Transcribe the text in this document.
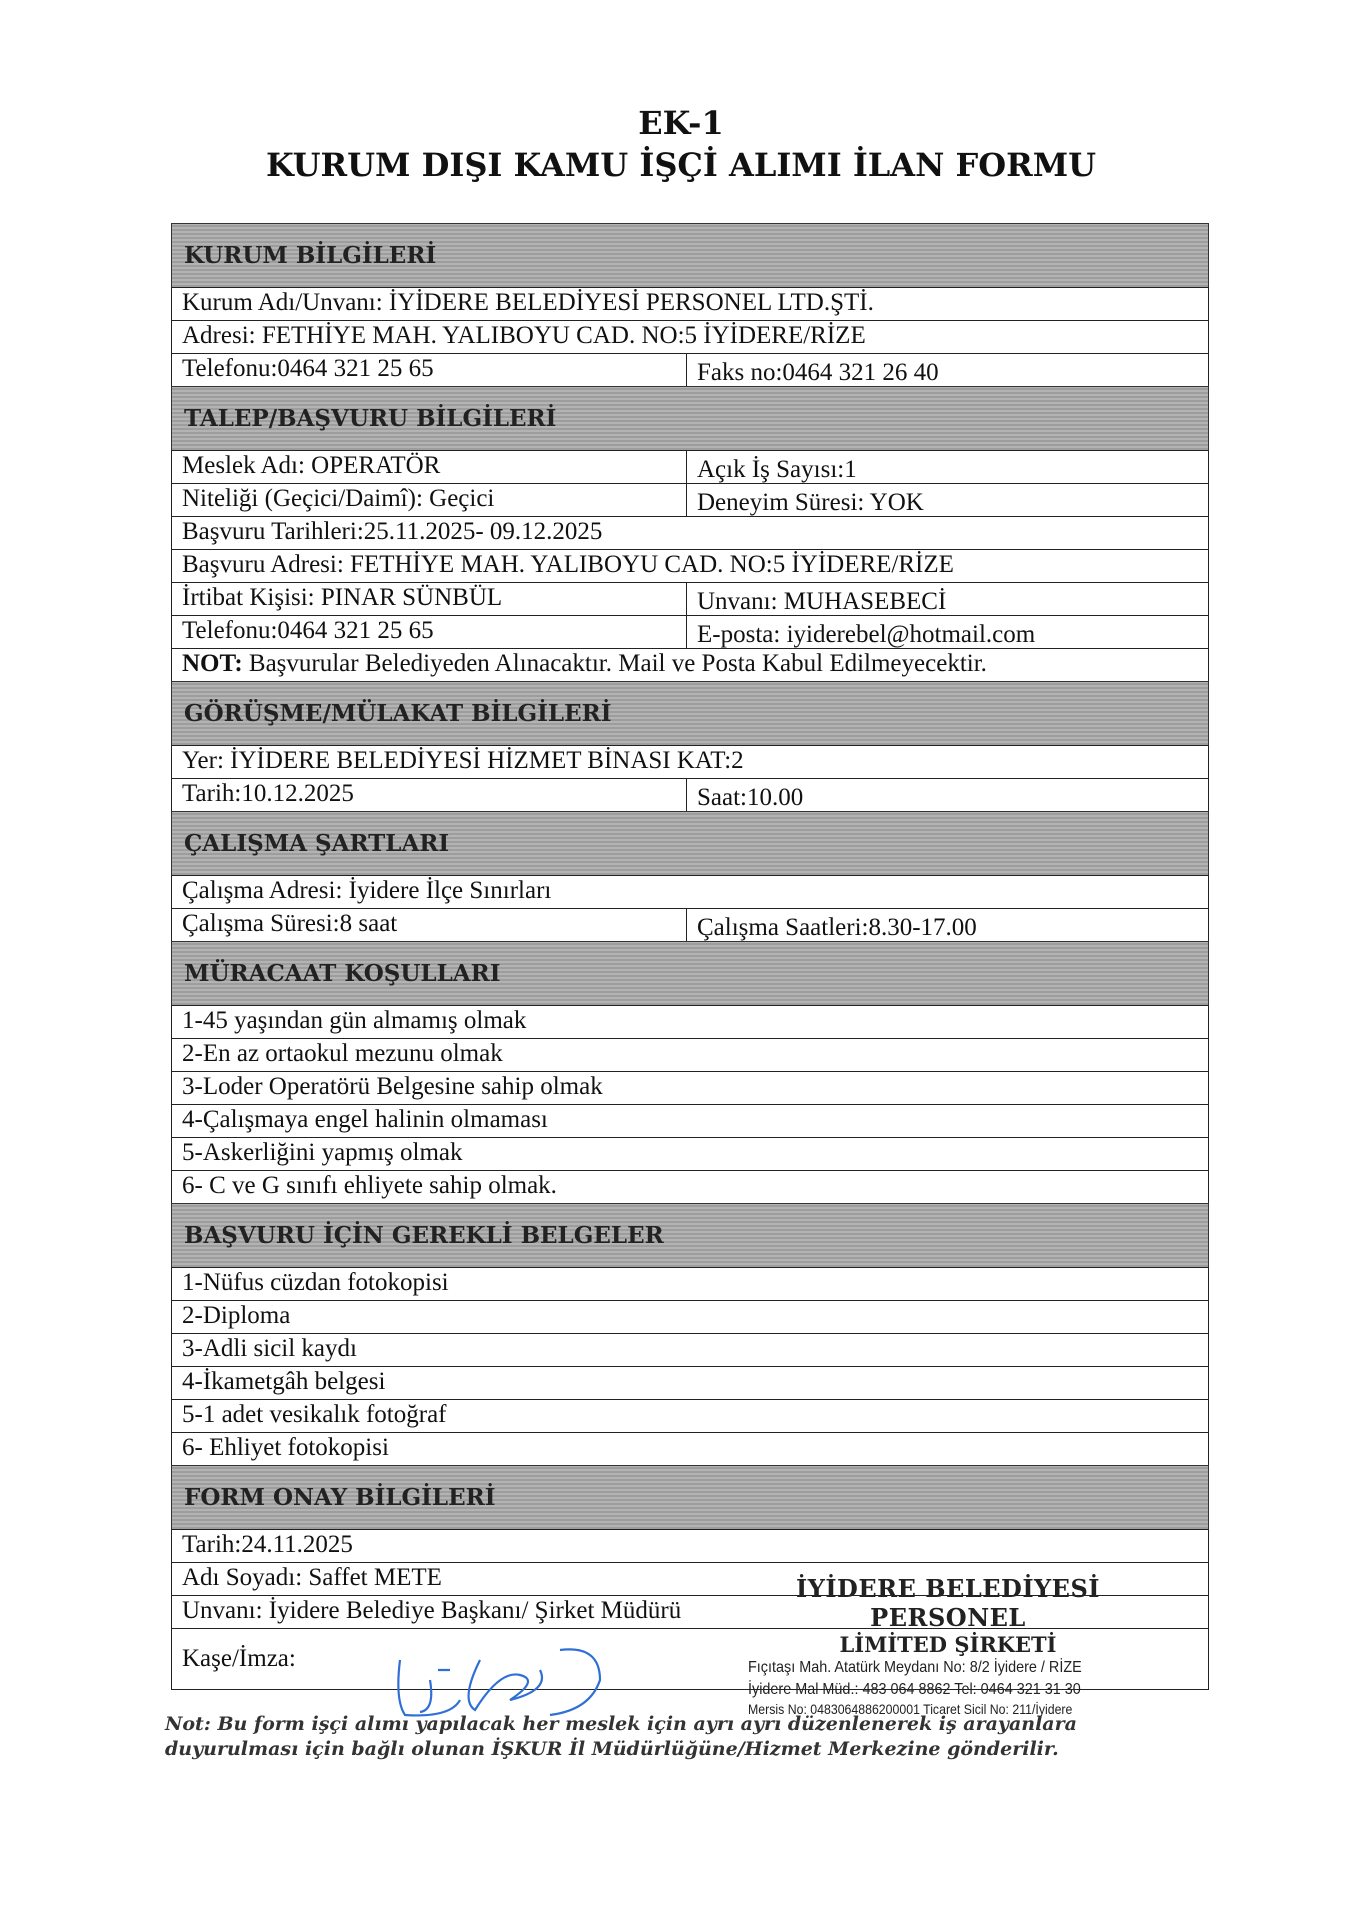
EK-1
KURUM DIŞI KAMU İŞÇİ ALIMI İLAN FORMU
KURUM BİLGİLERİ
Kurum Adı/Unvanı: İYİDERE BELEDİYESİ PERSONEL LTD.ŞTİ.
Adresi: FETHİYE MAH. YALIBOYU CAD. NO:5 İYİDERE/RİZE
Telefonu:0464 321 25 65	Faks no:0464 321 26 40
TALEP/BAŞVURU BİLGİLERİ
Meslek Adı: OPERATÖR	Açık İş Sayısı:1
Niteliği (Geçici/Daimî): Geçici	Deneyim Süresi: YOK
Başvuru Tarihleri:25.11.2025- 09.12.2025
Başvuru Adresi: FETHİYE MAH. YALIBOYU CAD. NO:5 İYİDERE/RİZE
İrtibat Kişisi: PINAR SÜNBÜL	Unvanı: MUHASEBECİ
Telefonu:0464 321 25 65	E-posta: iyiderebel@hotmail.com
NOT: Başvurular Belediyeden Alınacaktır. Mail ve Posta Kabul Edilmeyecektir.
GÖRÜŞME/MÜLAKAT BİLGİLERİ
Yer: İYİDERE BELEDİYESİ HİZMET BİNASI KAT:2
Tarih:10.12.2025	Saat:10.00
ÇALIŞMA ŞARTLARI
Çalışma Adresi: İyidere İlçe Sınırları
Çalışma Süresi:8 saat	Çalışma Saatleri:8.30-17.00
MÜRACAAT KOŞULLARI
1-45 yaşından gün almamış olmak
2-En az ortaokul mezunu olmak
3-Loder Operatörü Belgesine sahip olmak
4-Çalışmaya engel halinin olmaması
5-Askerliğini yapmış olmak
6- C ve G sınıfı ehliyete sahip olmak.
BAŞVURU İÇİN GEREKLİ BELGELER
1-Nüfus cüzdan fotokopisi
2-Diploma
3-Adli sicil kaydı
4-İkametgâh belgesi
5-1 adet vesikalık fotoğraf
6- Ehliyet fotokopisi
FORM ONAY BİLGİLERİ
Tarih:24.11.2025
Adı Soyadı: Saffet METE
Unvanı: İyidere Belediye Başkanı/ Şirket Müdürü
Kaşe/İmza:
İYİDERE BELEDİYESİ PERSONEL
LİMİTED ŞİRKETİ
Fıçıtaşı Mah. Atatürk Meydanı No: 8/2 İyidere / RİZE
İyidere Mal Müd.: 483 064 8862 Tel: 0464 321 31 30
Mersis No: 0483064886200001 Ticaret Sicil No: 211/İyidere
Not: Bu form işçi alımı yapılacak her meslek için ayrı ayrı düzenlenerek iş arayanlara duyurulması için bağlı olunan İŞKUR İl Müdürlüğüne/Hizmet Merkezine gönderilir.
